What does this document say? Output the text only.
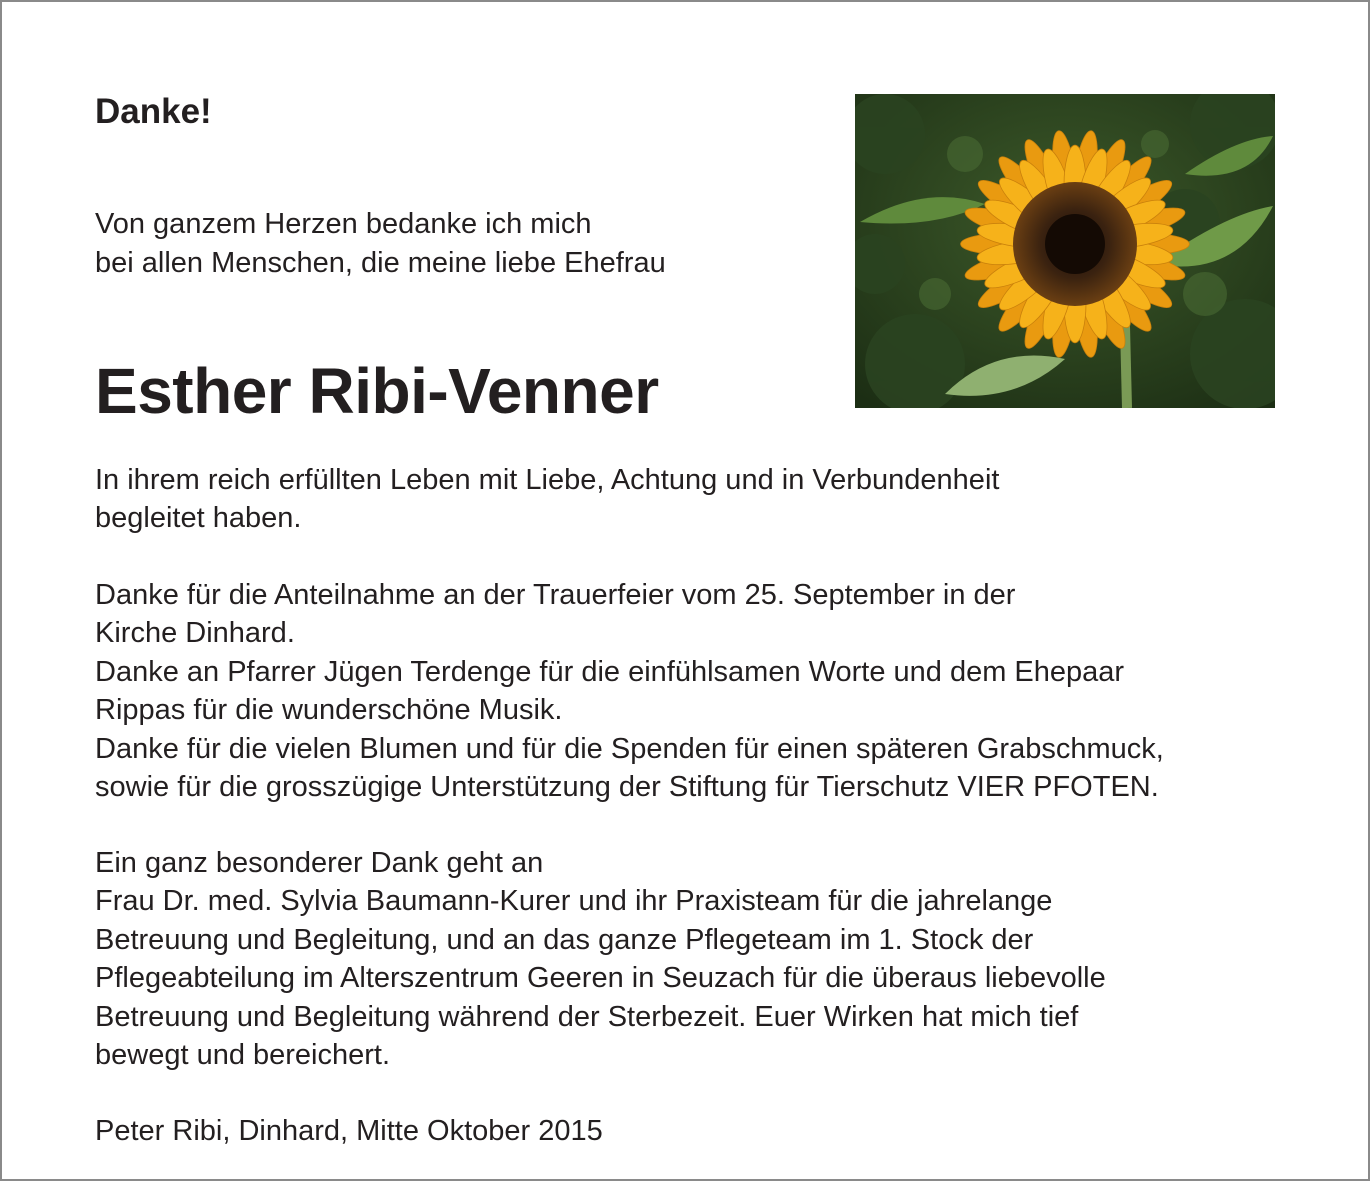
Danke!
Von ganzem Herzen bedanke ich mich
bei allen Menschen, die meine liebe Ehefrau
Esther Ribi-Venner
In ihrem reich erfüllten Leben mit Liebe, Achtung und in Verbundenheit
begleitet haben.
Danke für die Anteilnahme an der Trauerfeier vom 25. September in der
Kirche Dinhard.
Danke an Pfarrer Jügen Terdenge für die einfühlsamen Worte und dem Ehepaar
Rippas für die wunderschöne Musik.
Danke für die vielen Blumen und für die Spenden für einen späteren Grabschmuck,
sowie für die grosszügige Unterstützung der Stiftung für Tierschutz VIER PFOTEN.
Ein ganz besonderer Dank geht an
Frau Dr. med. Sylvia Baumann-Kurer und ihr Praxisteam für die jahrelange
Betreuung und Begleitung, und an das ganze Pflegeteam im 1. Stock der
Pflegeabteilung im Alterszentrum Geeren in Seuzach für die überaus liebevolle
Betreuung und Begleitung während der Sterbezeit. Euer Wirken hat mich tief
bewegt und bereichert.
Peter Ribi, Dinhard, Mitte Oktober 2015
